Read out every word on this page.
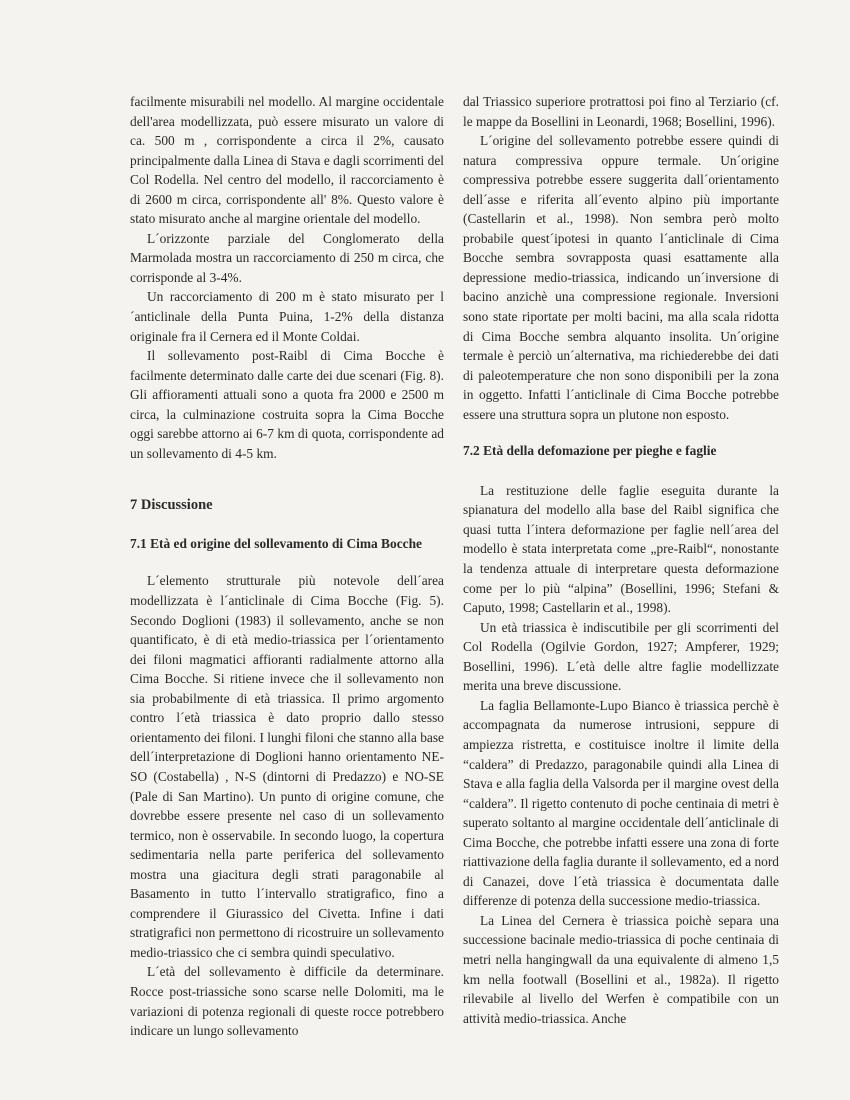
facilmente misurabili nel modello. Al margine occidentale dell'area modellizzata, può essere misurato un valore di ca. 500 m , corrispondente a circa il 2%, causato principalmente dalla Linea di Stava e dagli scorrimenti del Col Rodella. Nel centro del modello, il raccorciamento è di 2600 m circa, corrispondente all' 8%. Questo valore è stato misurato anche al margine orientale del modello.

L´orizzonte parziale del Conglomerato della Marmolada mostra un raccorciamento di 250 m circa, che corrisponde al 3-4%.

Un raccorciamento di 200 m è stato misurato per l´anticlinale della Punta Puina, 1-2% della distanza originale fra il Cernera ed il Monte Coldai.

Il sollevamento post-Raibl di Cima Bocche è facilmente determinato dalle carte dei due scenari (Fig. 8). Gli affioramenti attuali sono a quota fra 2000 e 2500 m circa, la culminazione costruita sopra la Cima Bocche oggi sarebbe attorno ai 6-7 km di quota, corrispondente ad un sollevamento di 4-5 km.

7 Discussione
7.1 Età ed origine del sollevamento di Cima Bocche

L´elemento strutturale più notevole dell´area modellizzata è l´anticlinale di Cima Bocche (Fig. 5). Secondo Doglioni (1983) il sollevamento, anche se non quantificato, è di età medio-triassica per l´orientamento dei filoni magmatici affioranti radialmente attorno alla Cima Bocche. Si ritiene invece che il sollevamento non sia probabilmente di età triassica. Il primo argomento contro l´età triassica è dato proprio dallo stesso orientamento dei filoni. I lunghi filoni che stanno alla base dell´interpretazione di Doglioni hanno orientamento NE-SO (Costabella) , N-S (dintorni di Predazzo) e NO-SE (Pale di San Martino). Un punto di origine comune, che dovrebbe essere presente nel caso di un sollevamento termico, non è osservabile. In secondo luogo, la copertura sedimentaria nella parte periferica del sollevamento mostra una giacitura degli strati paragonabile al Basamento in tutto l´intervallo stratigrafico, fino a comprendere il Giurassico del Civetta. Infine i dati stratigrafici non permettono di ricostruire un sollevamento medio-triassico che ci sembra quindi speculativo.

L´età del sollevamento è difficile da determinare. Rocce post-triassiche sono scarse nelle Dolomiti, ma le variazioni di potenza regionali di queste rocce potrebbero indicare un lungo sollevamento

dal Triassico superiore protrattosi poi fino al Terziario (cf. le mappe da Bosellini in Leonardi, 1968; Bosellini, 1996).

L´origine del sollevamento potrebbe essere quindi di natura compressiva oppure termale. Un´origine compressiva potrebbe essere suggerita dall´orientamento dell´asse e riferita all´evento alpino più importante (Castellarin et al., 1998). Non sembra però molto probabile quest´ipotesi in quanto l´anticlinale di Cima Bocche sembra sovrapposta quasi esattamente alla depressione medio-triassica, indicando un´inversione di bacino anzichè una compressione regionale. Inversioni sono state riportate per molti bacini, ma alla scala ridotta di Cima Bocche sembra alquanto insolita. Un´origine termale è perciò un´alternativa, ma richiederebbe dei dati di paleotemperature che non sono disponibili per la zona in oggetto. Infatti l´anticlinale di Cima Bocche potrebbe essere una struttura sopra un plutone non esposto.

7.2 Età della defomazione per pieghe e faglie

La restituzione delle faglie eseguita durante la spianatura del modello alla base del Raibl significa che quasi tutta l´intera deformazione per faglie nell´area del modello è stata interpretata come „pre-Raibl“, nonostante la tendenza attuale di interpretare questa deformazione come per lo più “alpina” (Bosellini, 1996; Stefani & Caputo, 1998; Castellarin et al., 1998).

Un età triassica è indiscutibile per gli scorrimenti del Col Rodella (Ogilvie Gordon, 1927; Ampferer, 1929; Bosellini, 1996). L´età delle altre faglie modellizzate merita una breve discussione.

La faglia Bellamonte-Lupo Bianco è triassica perchè è accompagnata da numerose intrusioni, seppure di ampiezza ristretta, e costituisce inoltre il limite della “caldera” di Predazzo, paragonabile quindi alla Linea di Stava e alla faglia della Valsorda per il margine ovest della “caldera”. Il rigetto contenuto di poche centinaia di metri è superato soltanto al margine occidentale dell´anticlinale di Cima Bocche, che potrebbe infatti essere una zona di forte riattivazione della faglia durante il sollevamento, ed a nord di Canazei, dove l´età triassica è documentata dalle differenze di potenza della successione medio-triassica.

La Linea del Cernera è triassica poichè separa una successione bacinale medio-triassica di poche centinaia di metri nella hangingwall da una equivalente di almeno 1,5 km nella footwall (Bosellini et al., 1982a). Il rigetto rilevabile al livello del Werfen è compatibile con un attività medio-triassica. Anche
